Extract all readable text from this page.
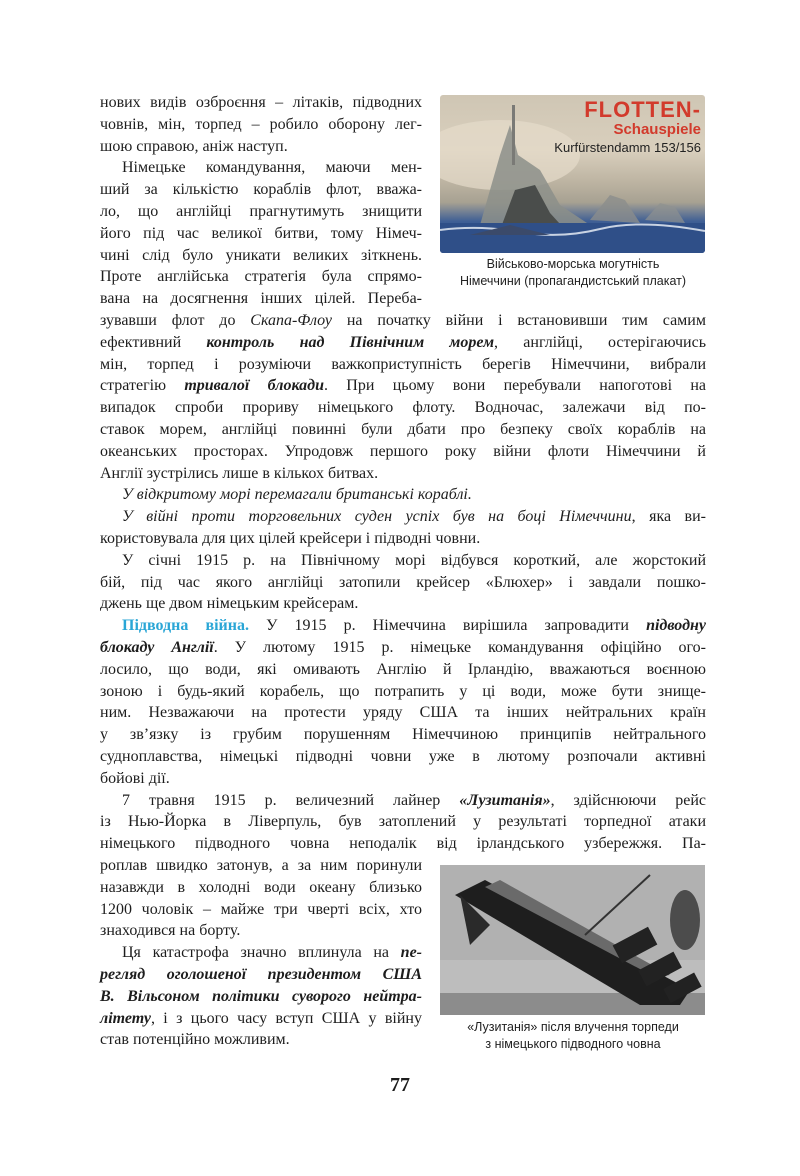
нових видів озброєння – літаків, підводних
човнів, мін, торпед – робило оборону лег-
шою справою, аніж наступ.
Німецьке командування, маючи мен-
ший за кількістю кораблів флот, вважа-
ло, що англійці прагнутимуть знищити
його під час великої битви, тому Німеч-
чині слід було уникати великих зіткнень.
Проте англійська стратегія була спрямо-
вана на досягнення інших цілей. Переба-
зувавши флот до Скапа-Флоу на початку війни і встановивши тим самим
ефективний контроль над Північним морем, англійці, остерігаючись
мін, торпед і розуміючи важкоприступність берегів Німеччини, вибрали
стратегію тривалої блокади. При цьому вони перебували напоготові на
випадок спроби прориву німецького флоту. Водночас, залежачи від по-
ставок морем, англійці повинні були дбати про безпеку своїх кораблів на
океанських просторах. Упродовж першого року війни флоти Німеччини й
Англії зустрілись лише в кількох битвах.
У відкритому морі перемагали британські кораблі.
У війні проти торговельних суден успіх був на боці Німеччини, яка ви-
користовувала для цих цілей крейсери і підводні човни.
У січні 1915 р. на Північному морі відбувся короткий, але жорстокий
бій, під час якого англійці затопили крейсер «Блюхер» і завдали пошко-
джень ще двом німецьким крейсерам.
Підводна війна. У 1915 р. Німеччина вирішила запровадити підводну
блокаду Англії. У лютому 1915 р. німецьке командування офіційно ого-
лосило, що води, які омивають Англію й Ірландію, вважаються воєнною
зоною і будь-який корабель, що потрапить у ці води, може бути знище-
ним. Незважаючи на протести уряду США та інших нейтральних країн
у зв’язку із грубим порушенням Німеччиною принципів нейтрального
судноплавства, німецькі підводні човни уже в лютому розпочали активні
бойові дії.
7 травня 1915 р. величезний лайнер «Лузитанія», здійснюючи рейс
із Нью-Йорка в Ліверпуль, був затоплений у результаті торпедної атаки
німецького підводного човна неподалік від ірландського узбережжя. Па-
роплав швидко затонув, а за ним поринули
назавжди в холодні води океану близько
1200 чоловік – майже три чверті всіх, хто
знаходився на борту.
Ця катастрофа значно вплинула на пе-
регляд оголошеної президентом США
В. Вільсоном політики суворого нейтра-
літету, і з цього часу вступ США у війну
став потенційно можливим.
FLOTTEN-
Schauspiele
Kurfürstendamm 153/156
Військово-морська могутність
Німеччини (пропагандистський плакат)
«Лузитанія» після влучення торпеди
з німецького підводного човна
77
